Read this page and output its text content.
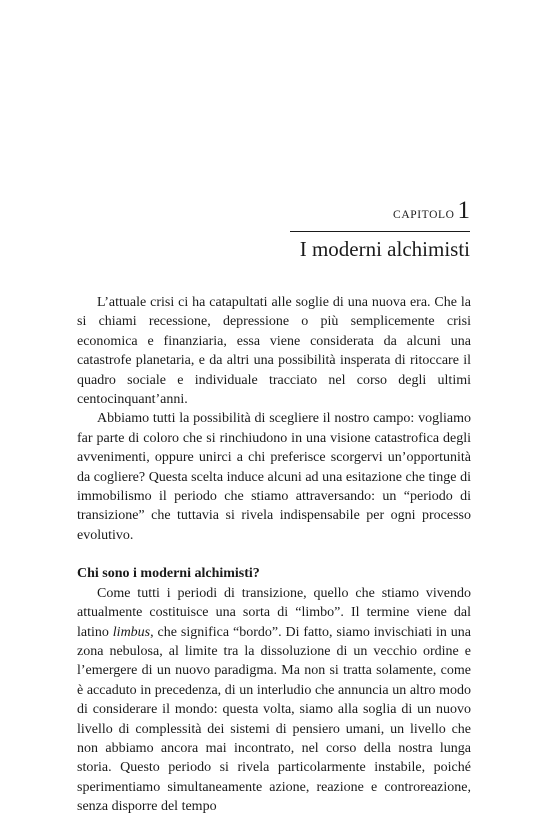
CAPITOLO 1
I moderni alchimisti

L’attuale crisi ci ha catapultati alle soglie di una nuova era. Che la si chiami recessione, depressione o più semplicemente crisi economica e finanziaria, essa viene considerata da alcuni una catastrofe planetaria, e da altri una possibilità insperata di ritoccare il quadro sociale e individuale tracciato nel corso degli ultimi centocinquant’anni.

Abbiamo tutti la possibilità di scegliere il nostro campo: vogliamo far parte di coloro che si rinchiudono in una visione catastrofica degli avvenimenti, oppure unirci a chi preferisce scorgervi un’opportunità da cogliere? Questa scelta induce alcuni ad una esitazione che tinge di immobilismo il periodo che stiamo attraversando: un “periodo di transizione” che tuttavia si rivela indispensabile per ogni processo evolutivo.

Chi sono i moderni alchimisti?

Come tutti i periodi di transizione, quello che stiamo vivendo attualmente costituisce una sorta di “limbo”. Il termine viene dal latino limbus, che significa “bordo”. Di fatto, siamo invischiati in una zona nebulosa, al limite tra la dissoluzione di un vecchio ordine e l’emergere di un nuovo paradigma. Ma non si tratta solamente, come è accaduto in precedenza, di un interludio che annuncia un altro modo di considerare il mondo: questa volta, siamo alla soglia di un nuovo livello di complessità dei sistemi di pensiero umani, un livello che non abbiamo ancora mai incontrato, nel corso della nostra lunga storia. Questo periodo si rivela particolarmente instabile, poiché sperimentiamo simultaneamente azione, reazione e controreazione, senza disporre del tempo
